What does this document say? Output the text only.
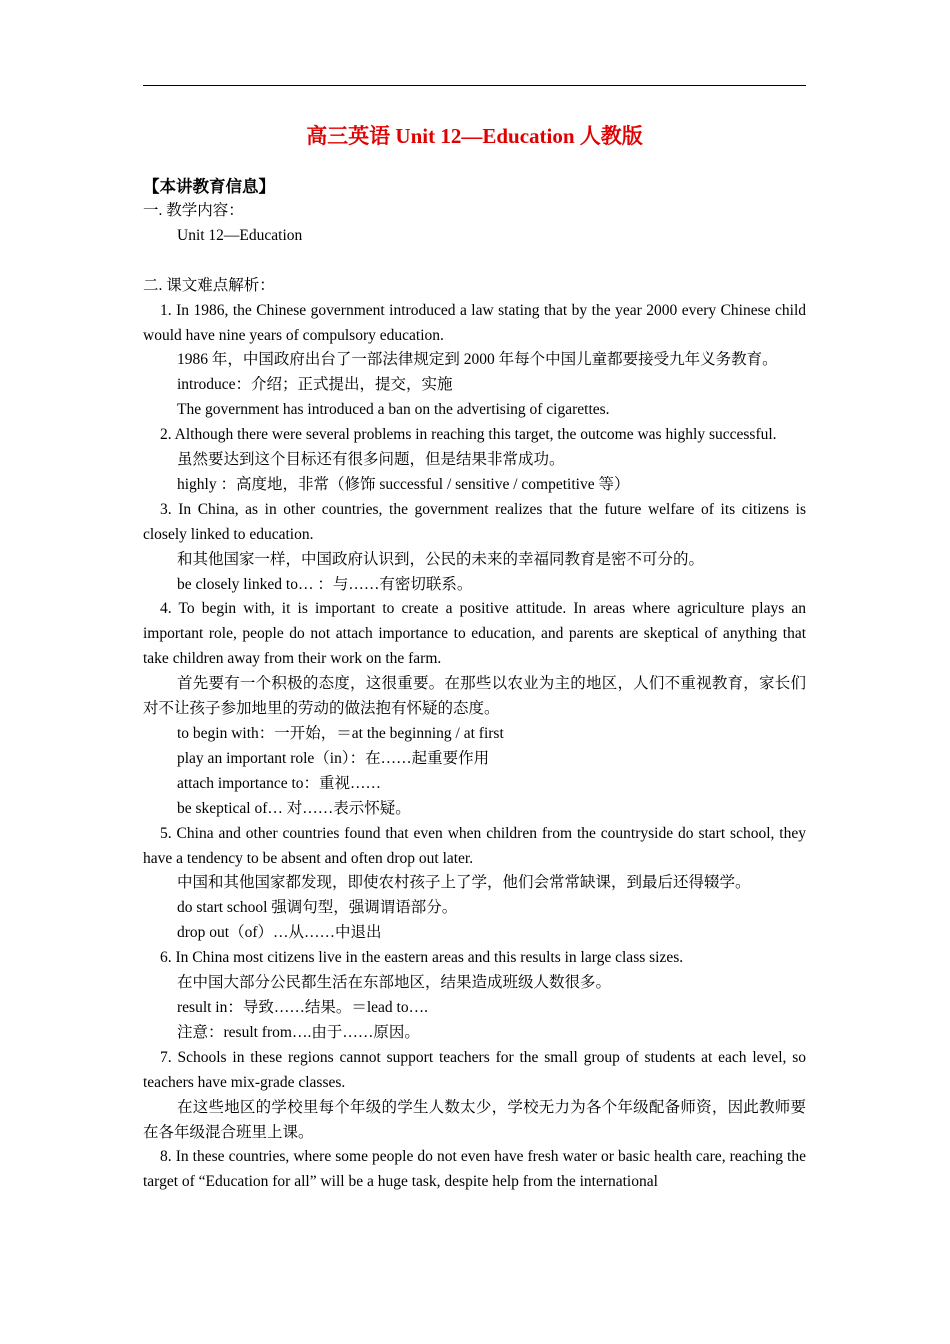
高三英语 Unit 12—Education 人教版

【本讲教育信息】

一. 教学内容：

Unit 12—Education

二. 课文难点解析：

1. In 1986, the Chinese government introduced a law stating that by the year 2000 every Chinese child would have nine years of compulsory education.

1986 年，中国政府出台了一部法律规定到 2000 年每个中国儿童都要接受九年义务教育。

introduce：介绍；正式提出，提交，实施

The government has introduced a ban on the advertising of cigarettes.

2. Although there were several problems in reaching this target, the outcome was highly successful.

虽然要达到这个目标还有很多问题，但是结果非常成功。

highly ：高度地，非常（修饰 successful / sensitive / competitive 等）

3. In China, as in other countries, the government realizes that the future welfare of its citizens is closely linked to education.

和其他国家一样，中国政府认识到，公民的未来的幸福同教育是密不可分的。

be closely linked to… ：与……有密切联系。

4. To begin with, it is important to create a positive attitude. In areas where agriculture plays an important role, people do not attach importance to education, and parents are skeptical of anything that take children away from their work on the farm.

首先要有一个积极的态度，这很重要。在那些以农业为主的地区，人们不重视教育，家长们对不让孩子参加地里的劳动的做法抱有怀疑的态度。

to begin with：一开始，＝at the beginning / at first

play an important role（in）：在……起重要作用

attach importance to：重视……

be skeptical of… 对……表示怀疑。

5. China and other countries found that even when children from the countryside do start school, they have a tendency to be absent and often drop out later.

中国和其他国家都发现，即使农村孩子上了学，他们会常常缺课，到最后还得辍学。

do start school 强调句型，强调谓语部分。

drop out（of）…从……中退出

6. In China most citizens live in the eastern areas and this results in large class sizes.

在中国大部分公民都生活在东部地区，结果造成班级人数很多。

result in：导致……结果。＝lead to….

注意：result from….由于……原因。

7. Schools in these regions cannot support teachers for the small group of students at each level, so teachers have mix-grade classes.

在这些地区的学校里每个年级的学生人数太少，学校无力为各个年级配备师资，因此教师要在各年级混合班里上课。

8. In these countries, where some people do not even have fresh water or basic health care, reaching the target of “Education for all” will be a huge task, despite help from the international
